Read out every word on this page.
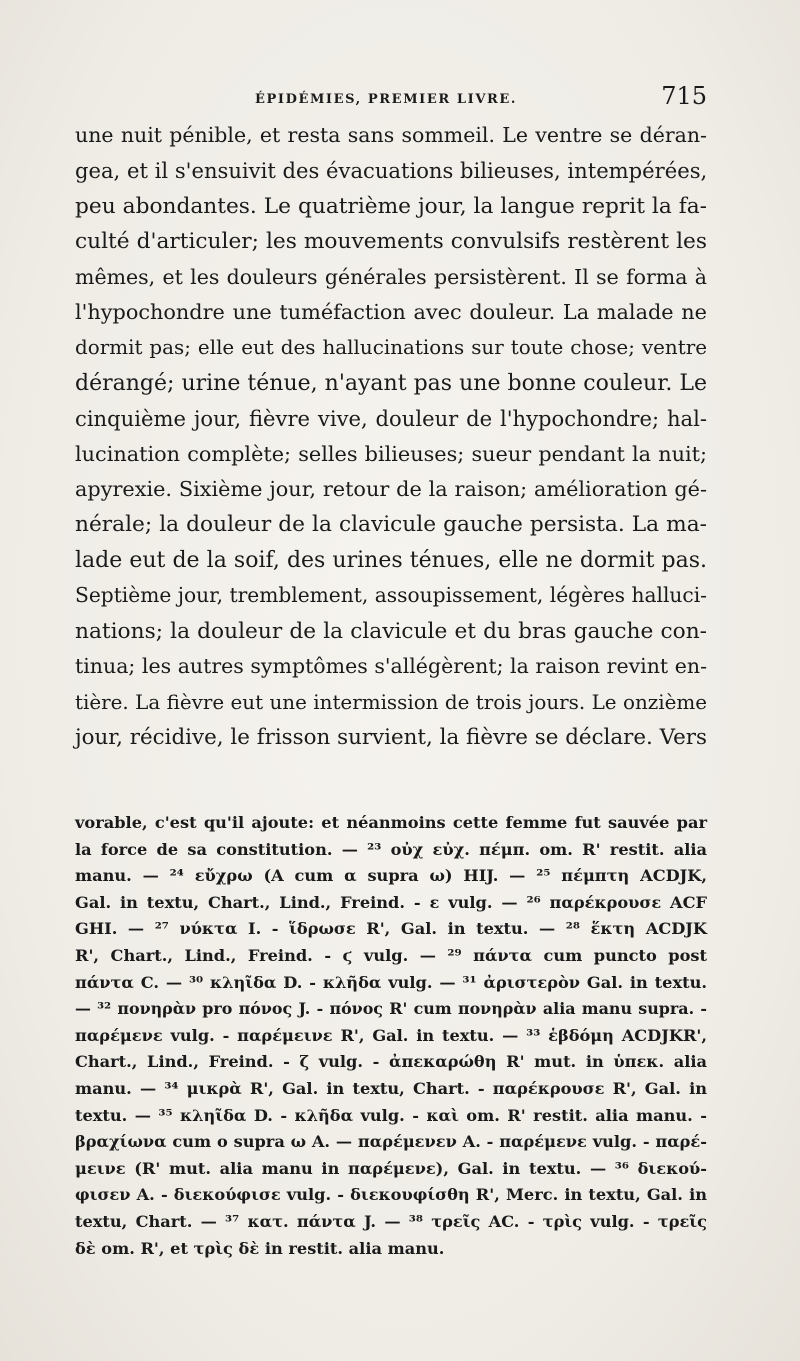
ÉPIDÉMIES, PREMIER LIVRE.	715
une nuit pénible, et resta sans sommeil. Le ventre se déran-
gea, et il s'ensuivit des évacuations bilieuses, intempérées,
peu abondantes. Le quatrième jour, la langue reprit la fa-
culté d'articuler; les mouvements convulsifs restèrent les
mêmes, et les douleurs générales persistèrent. Il se forma à
l'hypochondre une tuméfaction avec douleur. La malade ne
dormit pas; elle eut des hallucinations sur toute chose; ventre
dérangé; urine ténue, n'ayant pas une bonne couleur. Le
cinquième jour, fièvre vive, douleur de l'hypochondre; hal-
lucination complète; selles bilieuses; sueur pendant la nuit;
apyrexie. Sixième jour, retour de la raison; amélioration gé-
nérale; la douleur de la clavicule gauche persista. La ma-
lade eut de la soif, des urines ténues, elle ne dormit pas.
Septième jour, tremblement, assoupissement, légères halluci-
nations; la douleur de la clavicule et du bras gauche con-
tinua; les autres symptômes s'allégèrent; la raison revint en-
tière. La fièvre eut une intermission de trois jours. Le onzième
jour, récidive, le frisson survient, la fièvre se déclare. Vers
vorable, c'est qu'il ajoute: et néanmoins cette femme fut sauvée par
la force de sa constitution. — ²³ οὐχ εὐχ. πέμπ. om. R' restit. alia
manu. — ²⁴ εὔχρω (A cum α supra ω) HIJ. — ²⁵ πέμπτη ACDJK,
Gal. in textu, Chart., Lind., Freind. - ε vulg. — ²⁶ παρέκρουσε ACF
GHI. — ²⁷ νύκτα I. - ἵδρωσε R', Gal. in textu. — ²⁸ ἕκτη ACDJK
R', Chart., Lind., Freind. - ϛ vulg. — ²⁹ πάντα cum puncto post
πάντα C. — ³⁰ κληῖδα D. - κλῆδα vulg. — ³¹ ἀριστερὸν Gal. in textu.
— ³² πονηρὰν pro πόνος J. - πόνος R' cum πονηρὰν alia manu supra. -
παρέμενε vulg. - παρέμεινε R', Gal. in textu. — ³³ ἑβδόμη ACDJKR',
Chart., Lind., Freind. - ζ vulg. - ἀπεκαρώθη R' mut. in ὑπεκ. alia
manu. — ³⁴ μικρὰ R', Gal. in textu, Chart. - παρέκρουσε R', Gal. in
textu. — ³⁵ κληῖδα D. - κλῆδα vulg. - καὶ om. R' restit. alia manu. -
βραχίωνα cum ο supra ω A. — παρέμενεν A. - παρέμενε vulg. - παρέ-
μεινε (R' mut. alia manu in παρέμενε), Gal. in textu. — ³⁶ διεκού-
φισεν A. - διεκούφισε vulg. - διεκουφίσθη R', Merc. in textu, Gal. in
textu, Chart. — ³⁷ κατ. πάντα J. — ³⁸ τρεῖς AC. - τρὶς vulg. - τρεῖς
δὲ om. R', et τρὶς δὲ in restit. alia manu.
